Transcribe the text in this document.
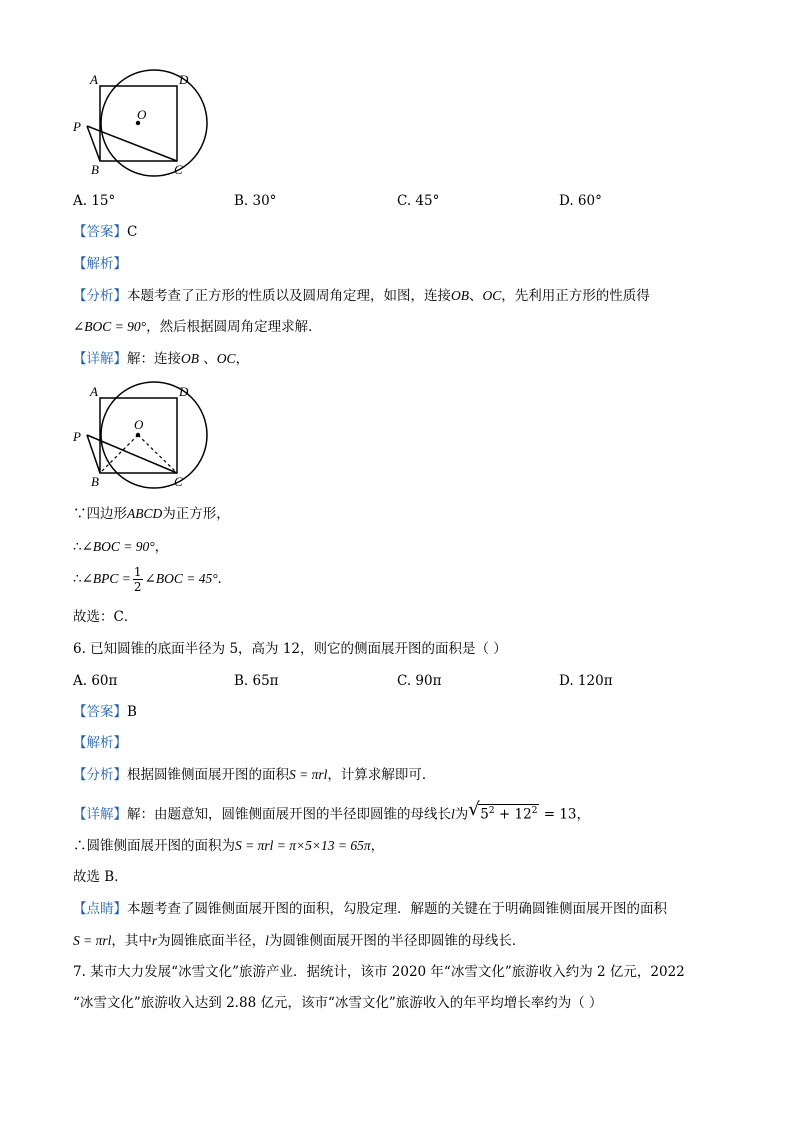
A	D
O
P
B	C
A. 15°	B. 30°	C. 45°	D. 60°
【答案】C
【解析】
【分析】本题考查了正方形的性质以及圆周角定理，如图，连接OB、OC，先利用正方形的性质得
∠BOC = 90°，然后根据圆周角定理求解．
【详解】解：连接OB 、OC，
A	D
O
P
B	C
∵四边形ABCD为正方形，
∴∠BOC = 90°，
∴∠BPC = $\frac{1}{2}$ ∠BOC = 45°．
故选：C．
6. 已知圆锥的底面半径为 5，高为 12，则它的侧面展开图的面积是（ ）
A. 60π	B. 65π	C. 90π	D. 120π
【答案】B
【解析】
【分析】根据圆锥侧面展开图的面积S = πrl，计算求解即可．
【详解】解：由题意知，圆锥侧面展开图的半径即圆锥的母线长l为 √ $5^2 + 12^2 = 13$，
∴圆锥侧面展开图的面积为S = πrl = π×5×13 = 65π，
故选 B．
【点睛】本题考查了圆锥侧面展开图的面积，勾股定理．解题的关键在于明确圆锥侧面展开图的面积
S = πrl，其中r为圆锥底面半径，l为圆锥侧面展开图的半径即圆锥的母线长．
7. 某市大力发展“冰雪文化”旅游产业．据统计，该市 2020 年“冰雪文化”旅游收入约为 2 亿元，2022
“冰雪文化”旅游收入达到 2.88 亿元，该市“冰雪文化”旅游收入的年平均增长率约为（ ）
